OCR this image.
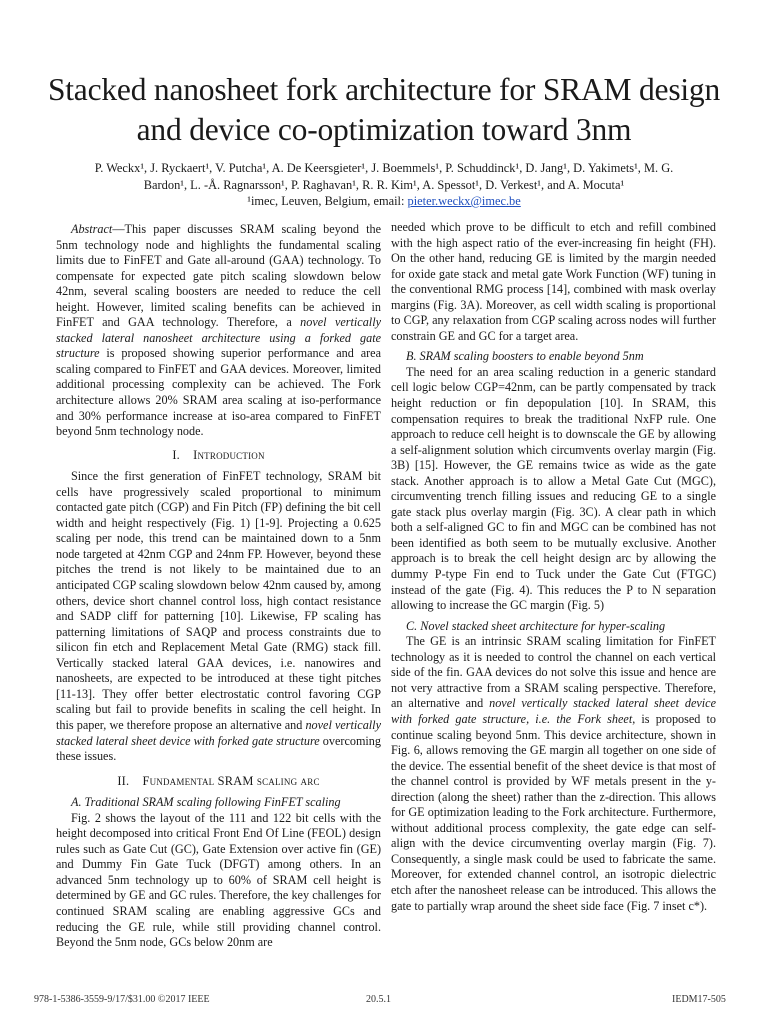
Stacked nanosheet fork architecture for SRAM design
and device co-optimization toward 3nm
P. Weckx¹, J. Ryckaert¹, V. Putcha¹, A. De Keersgieter¹, J. Boemmels¹, P. Schuddinck¹, D. Jang¹, D. Yakimets¹, M. G.
Bardon¹, L. -Å. Ragnarsson¹, P. Raghavan¹, R. R. Kim¹, A. Spessot¹, D. Verkest¹, and A. Mocuta¹
¹imec, Leuven, Belgium, email: pieter.weckx@imec.be

Abstract—This paper discusses SRAM scaling beyond the 5nm technology node and highlights the fundamental scaling limits due to FinFET and Gate all-around (GAA) technology. To compensate for expected gate pitch scaling slowdown below 42nm, several scaling boosters are needed to reduce the cell height. However, limited scaling benefits can be achieved in FinFET and GAA technology. Therefore, a novel vertically stacked lateral nanosheet architecture using a forked gate structure is proposed showing superior performance and area scaling compared to FinFET and GAA devices. Moreover, limited additional processing complexity can be achieved. The Fork architecture allows 20% SRAM area scaling at iso-performance and 30% performance increase at iso-area compared to FinFET beyond 5nm technology node.

I. Introduction

Since the first generation of FinFET technology, SRAM bit cells have progressively scaled proportional to minimum contacted gate pitch (CGP) and Fin Pitch (FP) defining the bit cell width and height respectively (Fig. 1) [1-9]. Projecting a 0.625 scaling per node, this trend can be maintained down to a 5nm node targeted at 42nm CGP and 24nm FP. However, beyond these pitches the trend is not likely to be maintained due to an anticipated CGP scaling slowdown below 42nm caused by, among others, device short channel control loss, high contact resistance and SADP cliff for patterning [10]. Likewise, FP scaling has patterning limitations of SAQP and process constraints due to silicon fin etch and Replacement Metal Gate (RMG) stack fill. Vertically stacked lateral GAA devices, i.e. nanowires and nanosheets, are expected to be introduced at these tight pitches [11-13]. They offer better electrostatic control favoring CGP scaling but fail to provide benefits in scaling the cell height. In this paper, we therefore propose an alternative and novel vertically stacked lateral sheet device with forked gate structure overcoming these issues.

II. Fundamental SRAM scaling arc

A. Traditional SRAM scaling following FinFET scaling

Fig. 2 shows the layout of the 111 and 122 bit cells with the height decomposed into critical Front End Of Line (FEOL) design rules such as Gate Cut (GC), Gate Extension over active fin (GE) and Dummy Fin Gate Tuck (DFGT) among others. In an advanced 5nm technology up to 60% of SRAM cell height is determined by GE and GC rules. Therefore, the key challenges for continued SRAM scaling are enabling aggressive GCs and reducing the GE rule, while still providing channel control. Beyond the 5nm node, GCs below 20nm are

needed which prove to be difficult to etch and refill combined with the high aspect ratio of the ever-increasing fin height (FH). On the other hand, reducing GE is limited by the margin needed for oxide gate stack and metal gate Work Function (WF) tuning in the conventional RMG process [14], combined with mask overlay margins (Fig. 3A). Moreover, as cell width scaling is proportional to CGP, any relaxation from CGP scaling across nodes will further constrain GE and GC for a target area.

B. SRAM scaling boosters to enable beyond 5nm

The need for an area scaling reduction in a generic standard cell logic below CGP=42nm, can be partly compensated by track height reduction or fin depopulation [10]. In SRAM, this compensation requires to break the traditional NxFP rule. One approach to reduce cell height is to downscale the GE by allowing a self-alignment solution which circumvents overlay margin (Fig. 3B) [15]. However, the GE remains twice as wide as the gate stack. Another approach is to allow a Metal Gate Cut (MGC), circumventing trench filling issues and reducing GE to a single gate stack plus overlay margin (Fig. 3C). A clear path in which both a self-aligned GC to fin and MGC can be combined has not been identified as both seem to be mutually exclusive. Another approach is to break the cell height design arc by allowing the dummy P-type Fin end to Tuck under the Gate Cut (FTGC) instead of the gate (Fig. 4). This reduces the P to N separation allowing to increase the GC margin (Fig. 5)

C. Novel stacked sheet architecture for hyper-scaling

The GE is an intrinsic SRAM scaling limitation for FinFET technology as it is needed to control the channel on each vertical side of the fin. GAA devices do not solve this issue and hence are not very attractive from a SRAM scaling perspective. Therefore, an alternative and novel vertically stacked lateral sheet device with forked gate structure, i.e. the Fork sheet, is proposed to continue scaling beyond 5nm. This device architecture, shown in Fig. 6, allows removing the GE margin all together on one side of the device. The essential benefit of the sheet device is that most of the channel control is provided by WF metals present in the y-direction (along the sheet) rather than the z-direction. This allows for GE optimization leading to the Fork architecture. Furthermore, without additional process complexity, the gate edge can self-align with the device circumventing overlay margin (Fig. 7). Consequently, a single mask could be used to fabricate the same. Moreover, for extended channel control, an isotropic dielectric etch after the nanosheet release can be introduced. This allows the gate to partially wrap around the sheet side face (Fig. 7 inset c*).

978-1-5386-3559-9/17/$31.00 ©2017 IEEE	20.5.1	IEDM17-505
